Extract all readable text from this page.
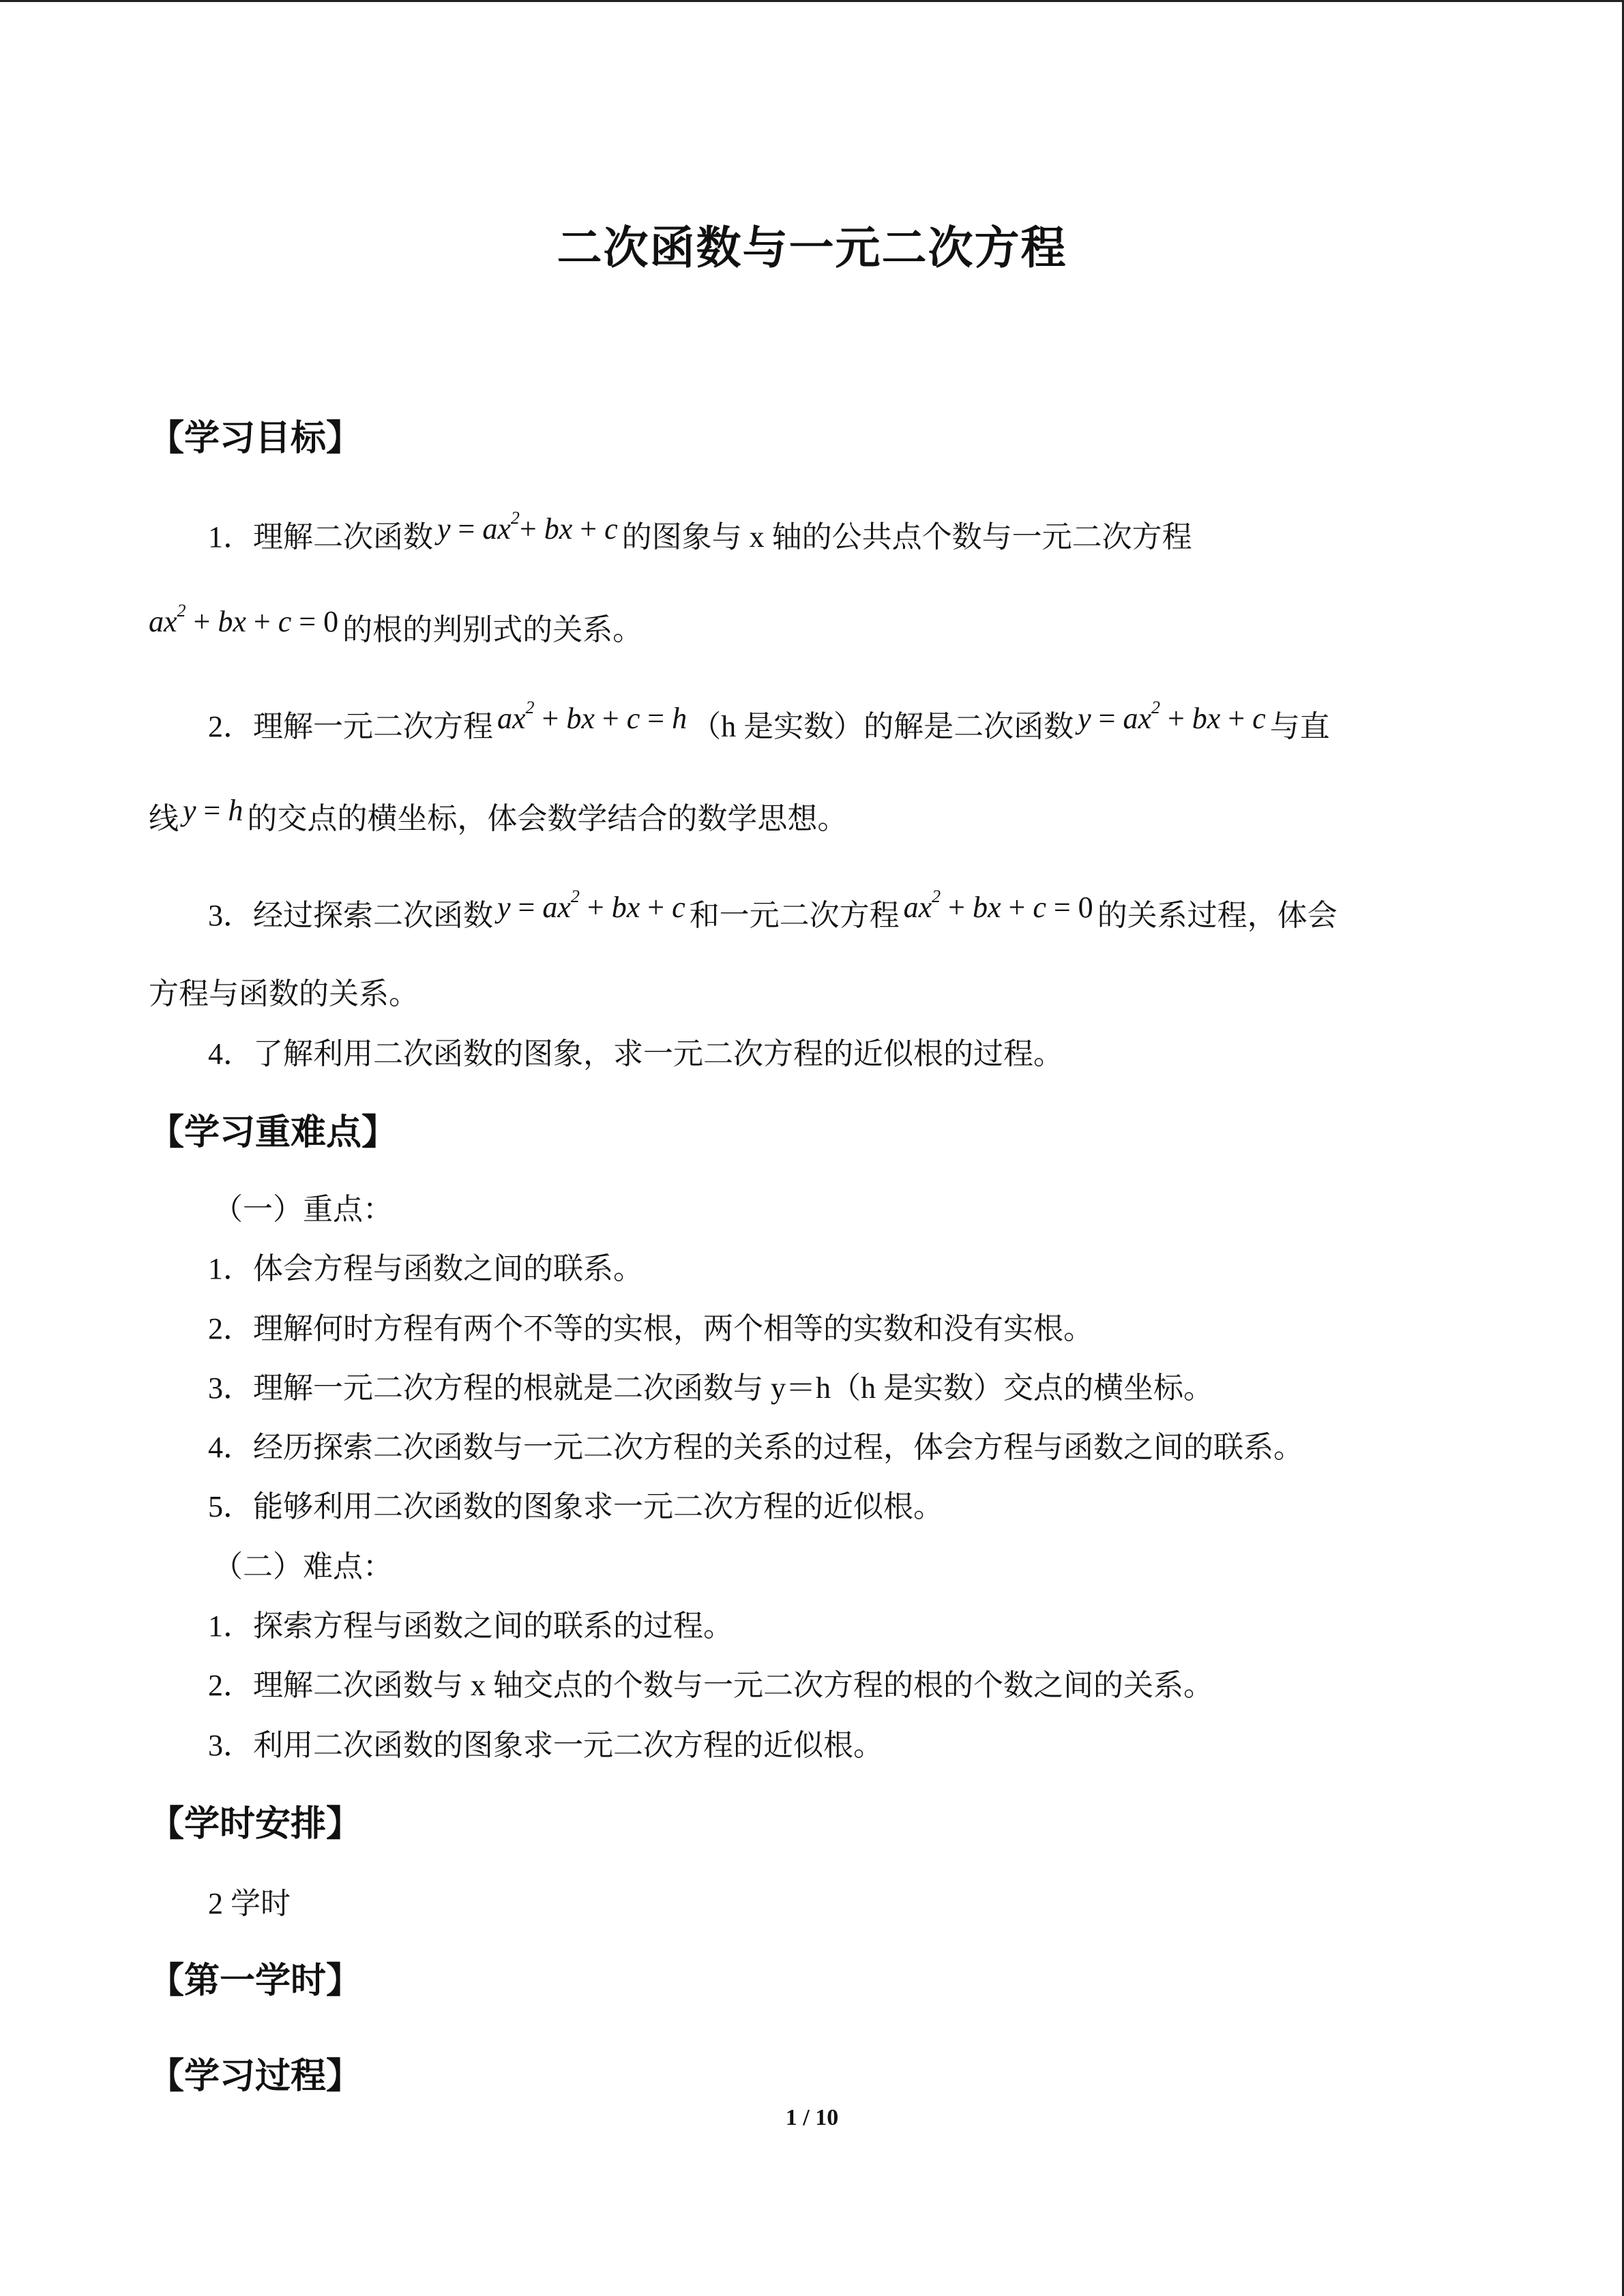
二次函数与一元二次方程
【学习目标】
1．理解二次函数 $y = ax^2+$ bx + c 的图象与 x 轴的公共点个数与一元二次方程
$ax^2$ + bx + c = 0 的根的判别式的关系。
2．理解一元二次方程 $ax^2$ + bx + c = h （h 是实数）的解是二次函数 $y = ax^2$ + bx + c 与直
线 y = h 的交点的横坐标，体会数学结合的数学思想。
3．经过探索二次函数 $y = ax^2$ + bx + c 和一元二次方程 $ax^2$ + bx + c = 0 的关系过程，体会
方程与函数的关系。
4．了解利用二次函数的图象，求一元二次方程的近似根的过程。
【学习重难点】
（一）重点：
1．体会方程与函数之间的联系。
2．理解何时方程有两个不等的实根，两个相等的实数和没有实根。
3．理解一元二次方程的根就是二次函数与 y＝h（h 是实数）交点的横坐标。
4．经历探索二次函数与一元二次方程的关系的过程，体会方程与函数之间的联系。
5．能够利用二次函数的图象求一元二次方程的近似根。
（二）难点：
1．探索方程与函数之间的联系的过程。
2．理解二次函数与 x 轴交点的个数与一元二次方程的根的个数之间的关系。
3．利用二次函数的图象求一元二次方程的近似根。
【学时安排】
2 学时
【第一学时】
【学习过程】
1 / 10
